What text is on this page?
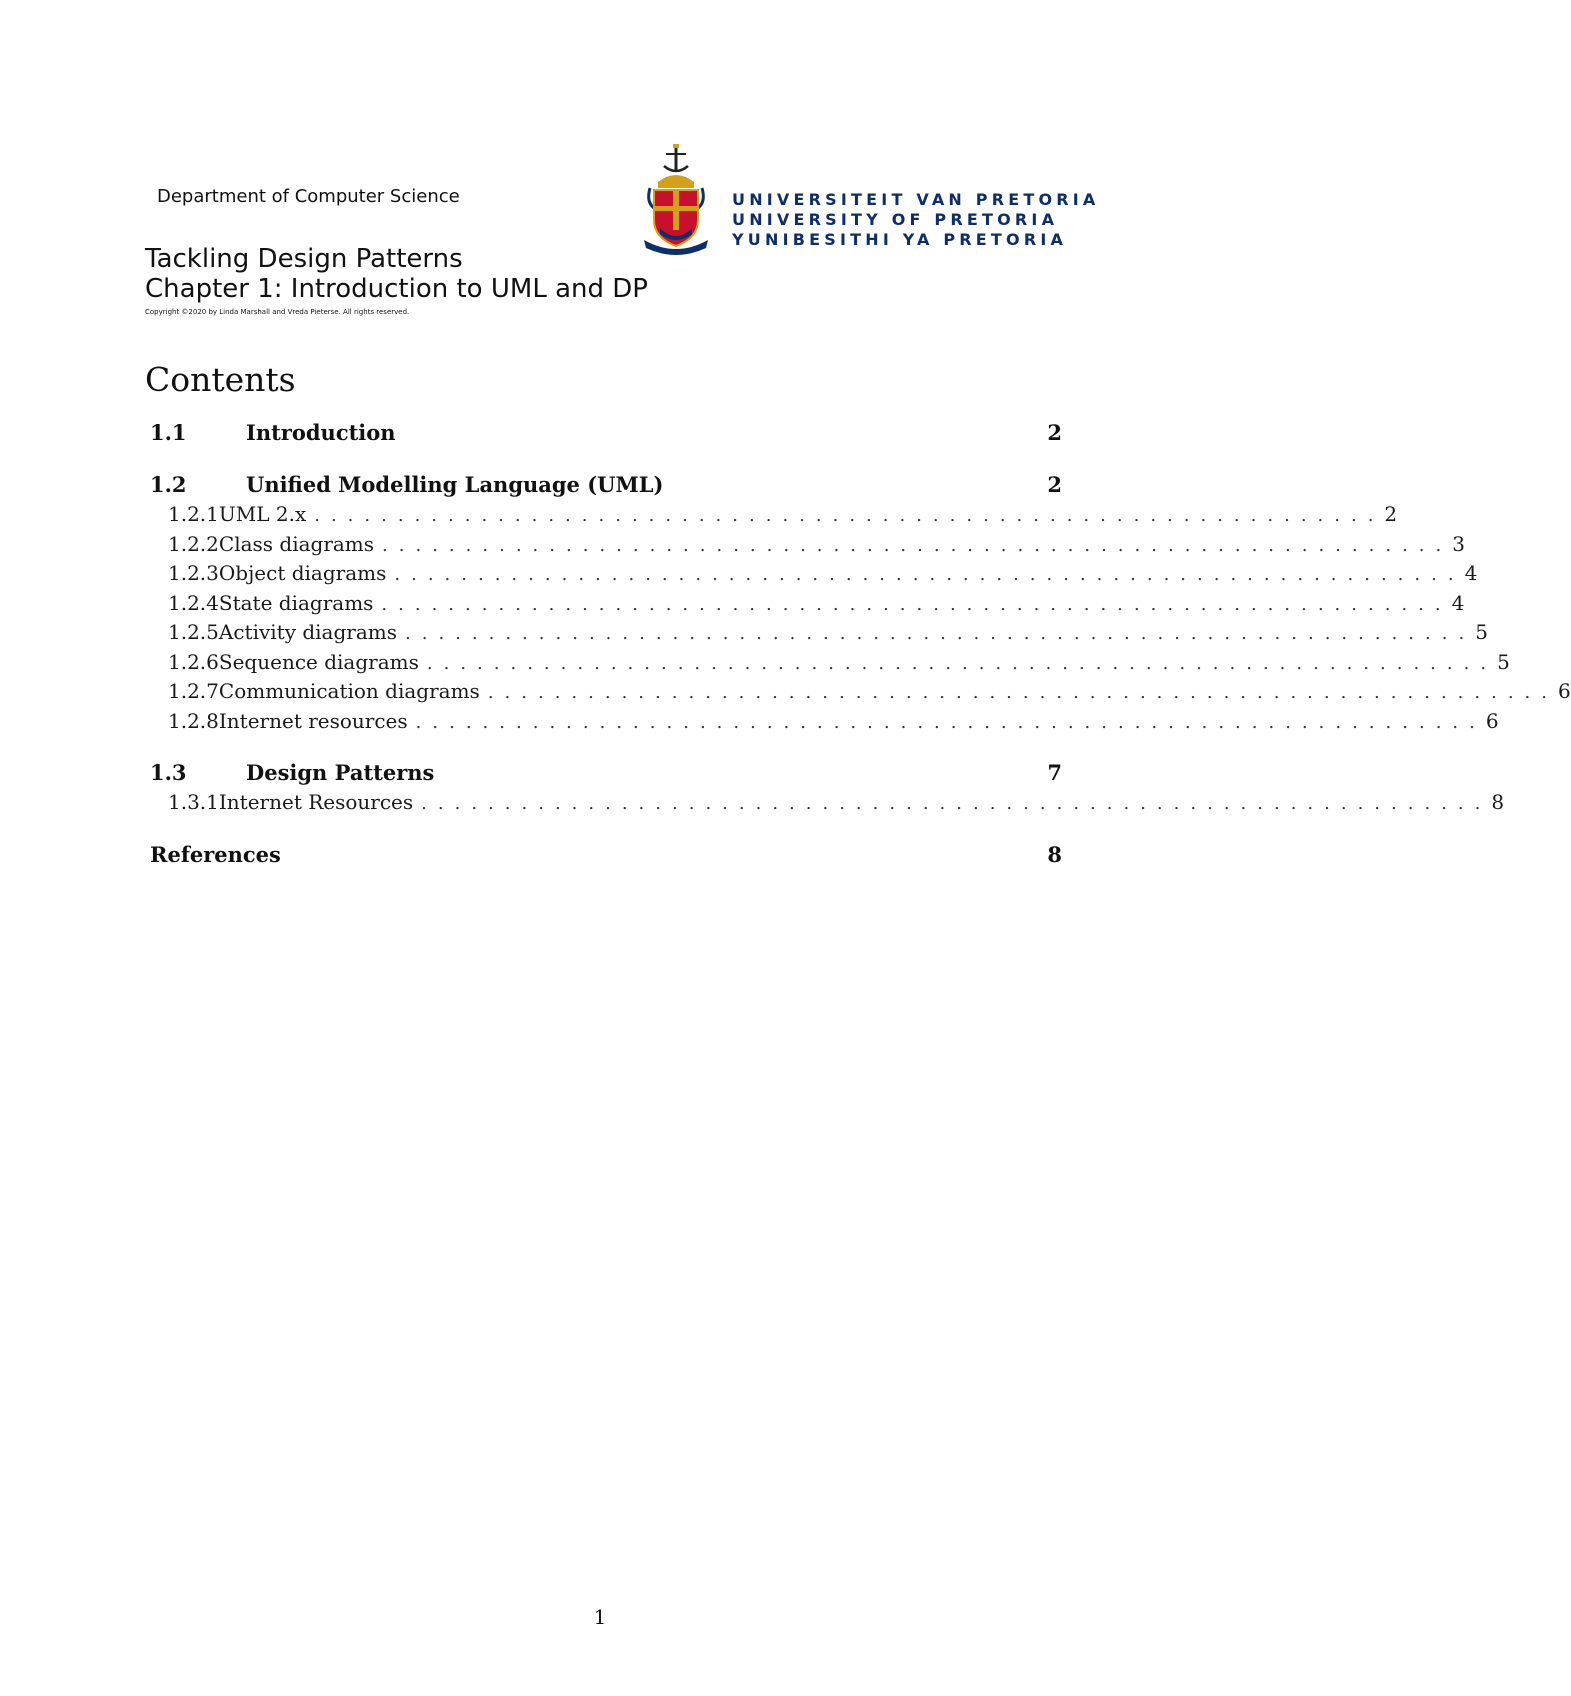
Department of Computer Science
Tackling Design Patterns
Chapter 1: Introduction to UML and DP
Copyright ©2020 by Linda Marshall and Vreda Pieterse. All rights reserved.
UNIVERSITEIT VAN PRETORIA
UNIVERSITY OF PRETORIA
YUNIBESITHI YA PRETORIA
Contents
1.1	Introduction	2
1.2	Unified Modelling Language (UML)	2
1.2.1 UML 2.x ................................................................ 2
1.2.2 Class diagrams ................................................................ 3
1.2.3 Object diagrams ................................................................ 4
1.2.4 State diagrams ................................................................ 4
1.2.5 Activity diagrams ................................................................ 5
1.2.6 Sequence diagrams ................................................................ 5
1.2.7 Communication diagrams ................................................................ 6
1.2.8 Internet resources ................................................................ 6
1.3	Design Patterns	7
1.3.1 Internet Resources ................................................................ 8
References	8
1
